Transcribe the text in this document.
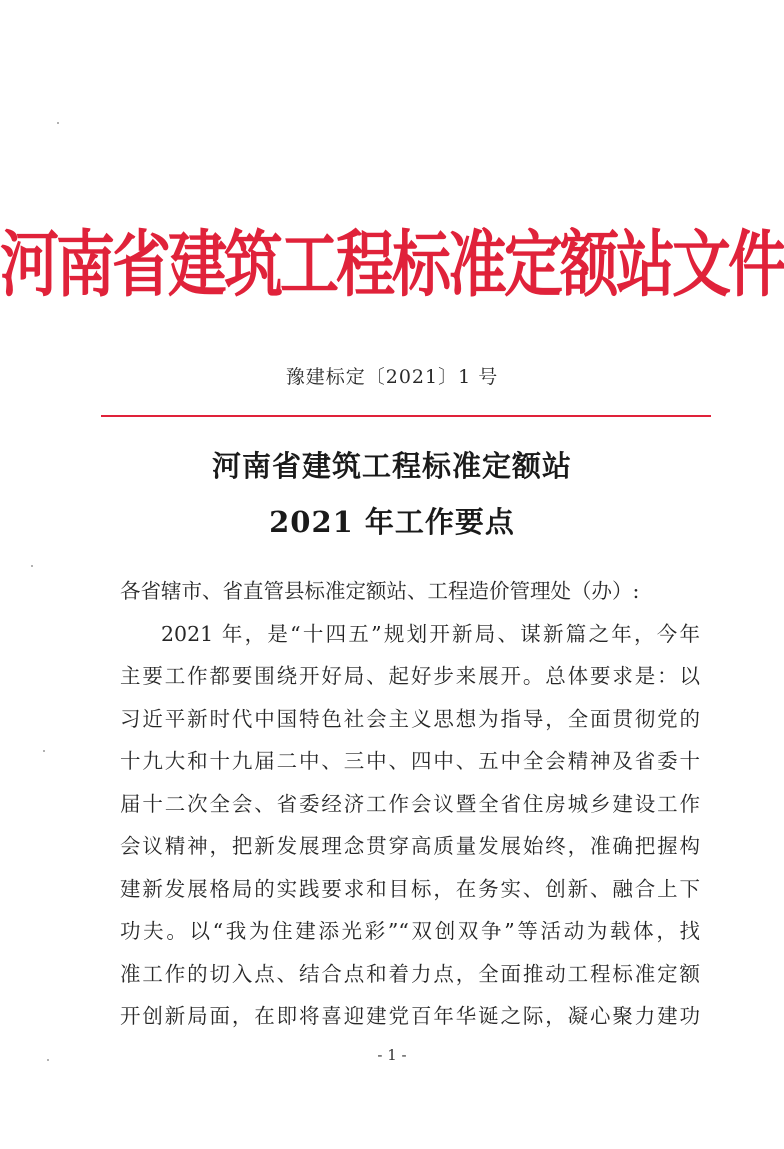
河南省建筑工程标准定额站文件
豫建标定〔2021〕1 号
河南省建筑工程标准定额站
2021 年工作要点
各省辖市、省直管县标准定额站、工程造价管理处（办）:
2021 年，是“十四五”规划开新局、谋新篇之年，今年
主要工作都要围绕开好局、起好步来展开。总体要求是：以
习近平新时代中国特色社会主义思想为指导，全面贯彻党的
十九大和十九届二中、三中、四中、五中全会精神及省委十
届十二次全会、省委经济工作会议暨全省住房城乡建设工作
会议精神，把新发展理念贯穿高质量发展始终，准确把握构
建新发展格局的实践要求和目标，在务实、创新、融合上下
功夫。以“我为住建添光彩”“双创双争”等活动为载体，找
准工作的切入点、结合点和着力点，全面推动工程标准定额
开创新局面，在即将喜迎建党百年华诞之际，凝心聚力建功
- 1 -
